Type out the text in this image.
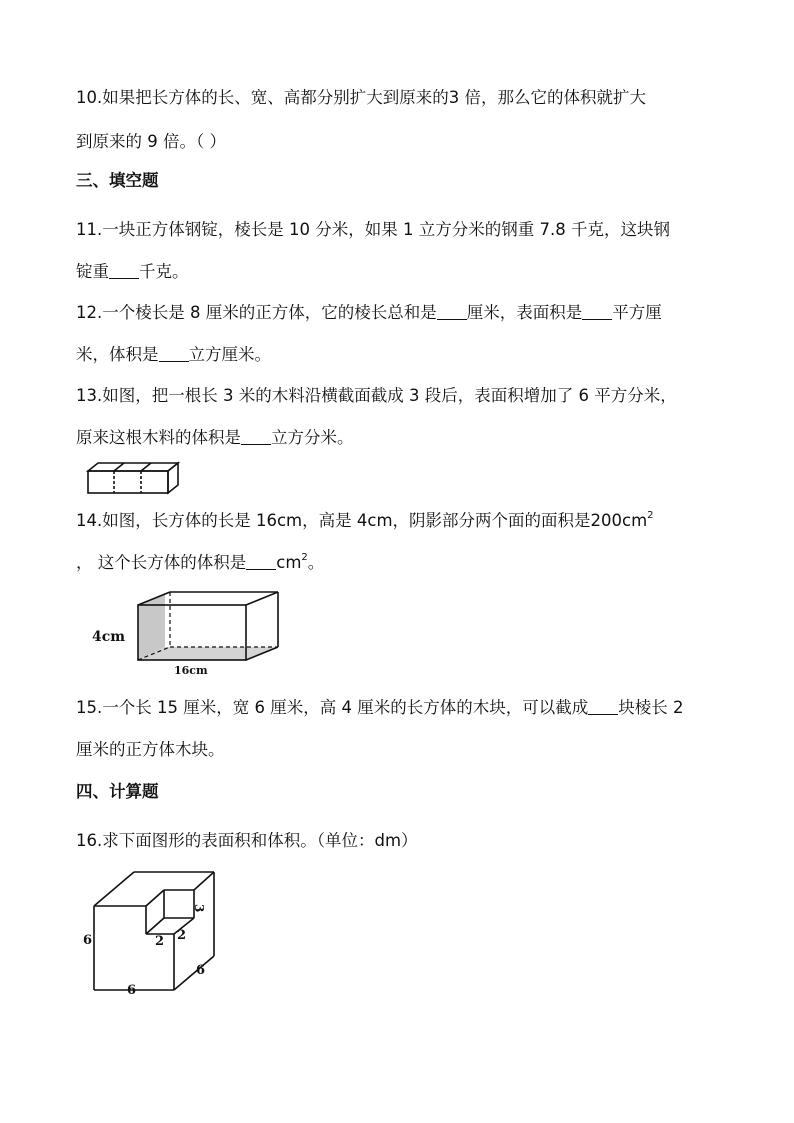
10.如果把长方体的长、宽、高都分别扩大到原来的3 倍，那么它的体积就扩大
到原来的 9 倍。（ ）
三、填空题
11.一块正方体钢锭，棱长是 10 分米，如果 1 立方分米的钢重 7.8 千克，这块钢
锭重 千克。
12.一个棱长是 8 厘米的正方体，它的棱长总和是 厘米，表面积是 平方厘
米，体积是 立方厘米。
13.如图，把一根长 3 米的木料沿横截面截成 3 段后，表面积增加了 6 平方分米，
原来这根木料的体积是 立方分米。
14.如图，长方体的长是 16cm，高是 4cm，阴影部分两个面的面积是$200cm^2$
， 这个长方体的体积是 $cm^2$。
4cm
16cm
15.一个长 15 厘米，宽 6 厘米，高 4 厘米的长方体的木块，可以截成 块棱长 2
厘米的正方体木块。
四、计算题
16.求下面图形的表面积和体积。（单位：dm）
6
6
6
3
2 2
